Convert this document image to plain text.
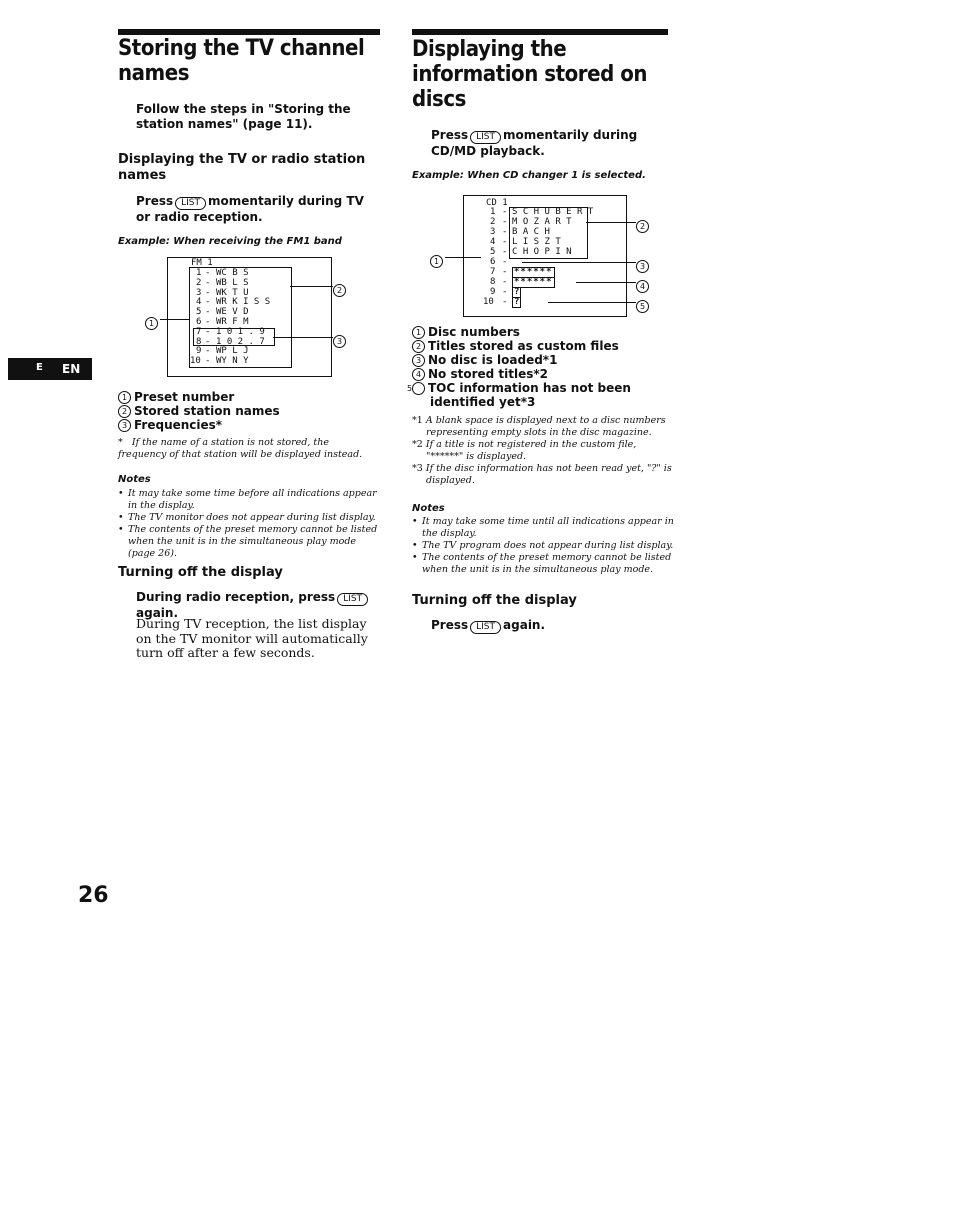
Storing the TV channel
names
Follow the steps in "Storing the station names" (page 11).
Displaying the TV or radio station names
Press LIST momentarily during TV or radio reception.
Example: When receiving the FM1 band
FM 1
1 - WC B S
2 - WB L S
3 - WK T U
4 - WR K I S S
5 - WE V D
6 - WR F M
7 - 1 0 1 . 9
8 - 1 0 2 . 7
9 - WP L J
10 - WY N Y
1
2
3
1 Preset number
2 Stored station names
3 Frequencies*
* If the name of a station is not stored, the frequency of that station will be displayed instead.
Notes
• It may take some time before all indications appear in the display.
• The TV monitor does not appear during list display.
• The contents of the preset memory cannot be listed when the unit is in the simultaneous play mode (page 26).
Turning off the display
During radio reception, press LIST
again.
During TV reception, the list display on the TV monitor will automatically turn off after a few seconds.
E EN
Displaying the
information stored on
discs
Press LIST momentarily during CD/MD playback.
Example: When CD changer 1 is selected.
CD 1
1 - S C H U B E R T
2 - M O Z A R T
3 - B A C H
4 - L I S Z T
5 - C H O P I N
6 -
7 - ******
8 - ******
9 - ?
10 - ?
1
2
3
4
5
1 Disc numbers
2 Titles stored as custom files
3 No disc is loaded*1
4 No stored titles*2
5 TOC information has not been identified yet*3
*1 A blank space is displayed next to a disc numbers representing empty slots in the disc magazine.
*2 If a title is not registered in the custom file, "******" is displayed.
*3 If the disc information has not been read yet, "?" is displayed.
Notes
• It may take some time until all indications appear in the display.
• The TV program does not appear during list display.
• The contents of the preset memory cannot be listed when the unit is in the simultaneous play mode.
Turning off the display
Press LIST again.
26
